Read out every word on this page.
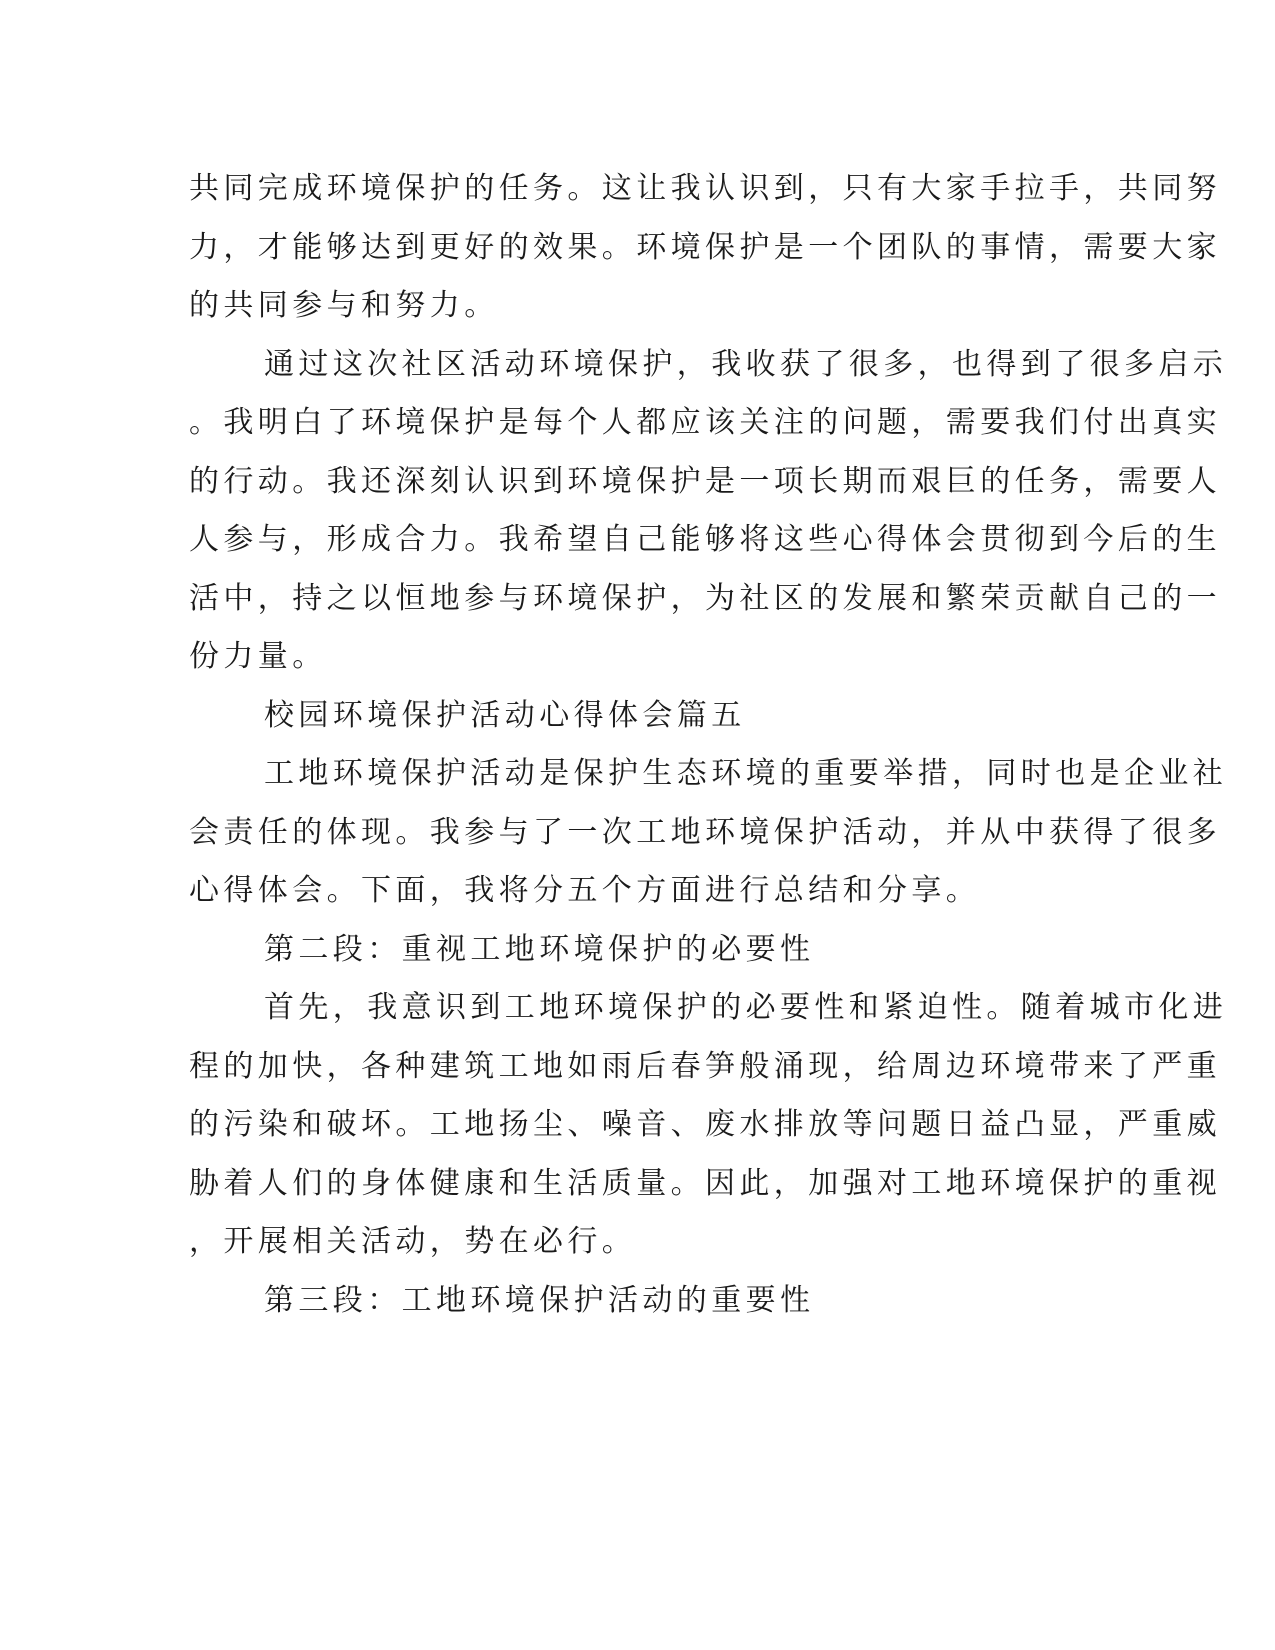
共同完成环境保护的任务。这让我认识到，只有大家手拉手，共同努
力，才能够达到更好的效果。环境保护是一个团队的事情，需要大家
的共同参与和努力。

通过这次社区活动环境保护，我收获了很多，也得到了很多启示
。我明白了环境保护是每个人都应该关注的问题，需要我们付出真实
的行动。我还深刻认识到环境保护是一项长期而艰巨的任务，需要人
人参与，形成合力。我希望自己能够将这些心得体会贯彻到今后的生
活中，持之以恒地参与环境保护，为社区的发展和繁荣贡献自己的一
份力量。

校园环境保护活动心得体会篇五

工地环境保护活动是保护生态环境的重要举措，同时也是企业社
会责任的体现。我参与了一次工地环境保护活动，并从中获得了很多
心得体会。下面，我将分五个方面进行总结和分享。

第二段：重视工地环境保护的必要性

首先，我意识到工地环境保护的必要性和紧迫性。随着城市化进
程的加快，各种建筑工地如雨后春笋般涌现，给周边环境带来了严重
的污染和破坏。工地扬尘、噪音、废水排放等问题日益凸显，严重威
胁着人们的身体健康和生活质量。因此，加强对工地环境保护的重视
，开展相关活动，势在必行。

第三段：工地环境保护活动的重要性
